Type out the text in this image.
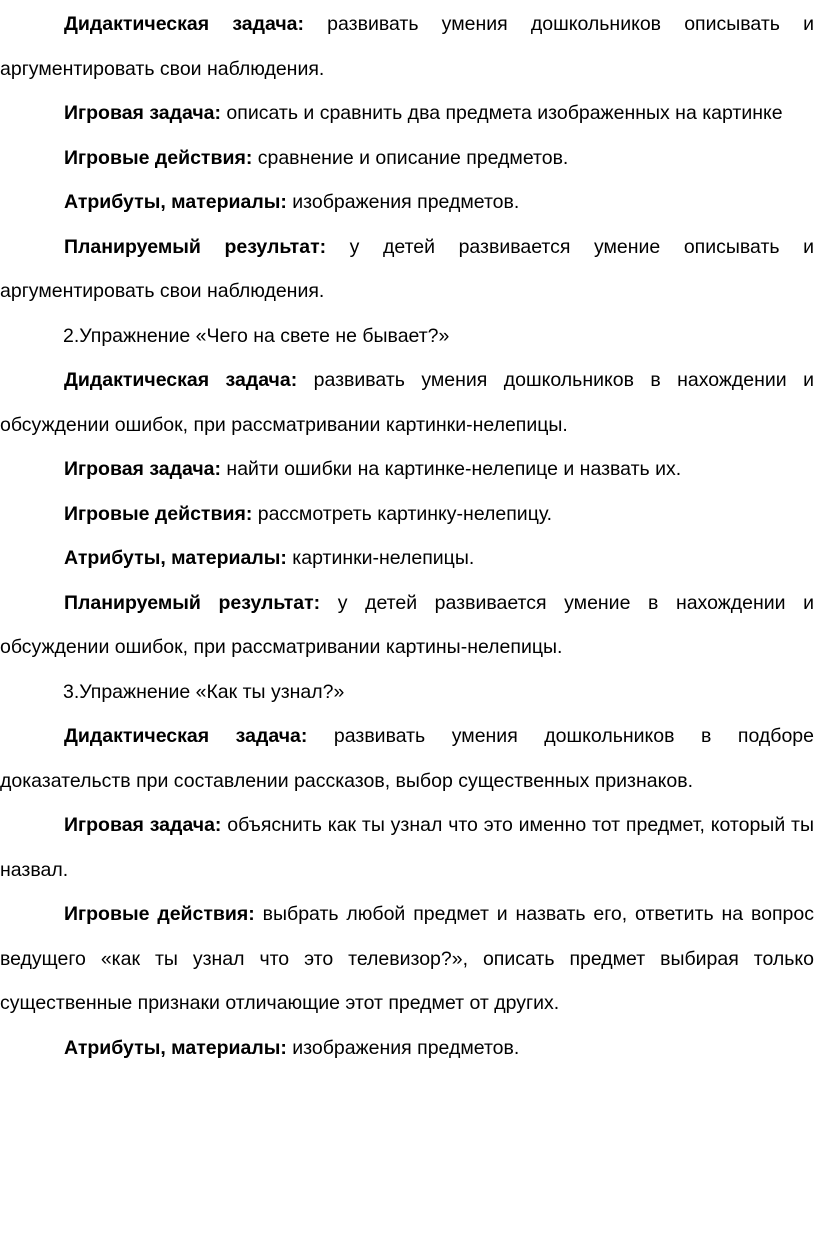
Дидактическая задача: развивать умения дошкольников описывать и аргументировать свои наблюдения.

Игровая задача: описать и сравнить два предмета изображенных на картинке

Игровые действия: сравнение и описание предметов.

Атрибуты, материалы: изображения предметов.

Планируемый результат: у детей развивается умение описывать и аргументировать свои наблюдения.

2.Упражнение «Чего на свете не бывает?»

Дидактическая задача: развивать умения дошкольников в нахождении и обсуждении ошибок, при рассматривании картинки-нелепицы.

Игровая задача: найти ошибки на картинке-нелепице и назвать их.

Игровые действия: рассмотреть картинку-нелепицу.

Атрибуты, материалы: картинки-нелепицы.

Планируемый результат: у детей развивается умение в нахождении и обсуждении ошибок, при рассматривании картины-нелепицы.

3.Упражнение «Как ты узнал?»

Дидактическая задача: развивать умения дошкольников в подборе доказательств при составлении рассказов, выбор существенных признаков.

Игровая задача: объяснить как ты узнал что это именно тот предмет, который ты назвал.

Игровые действия: выбрать любой предмет и назвать его, ответить на вопрос ведущего «как ты узнал что это телевизор?», описать предмет выбирая только существенные признаки отличающие этот предмет от других.

Атрибуты, материалы: изображения предметов.
